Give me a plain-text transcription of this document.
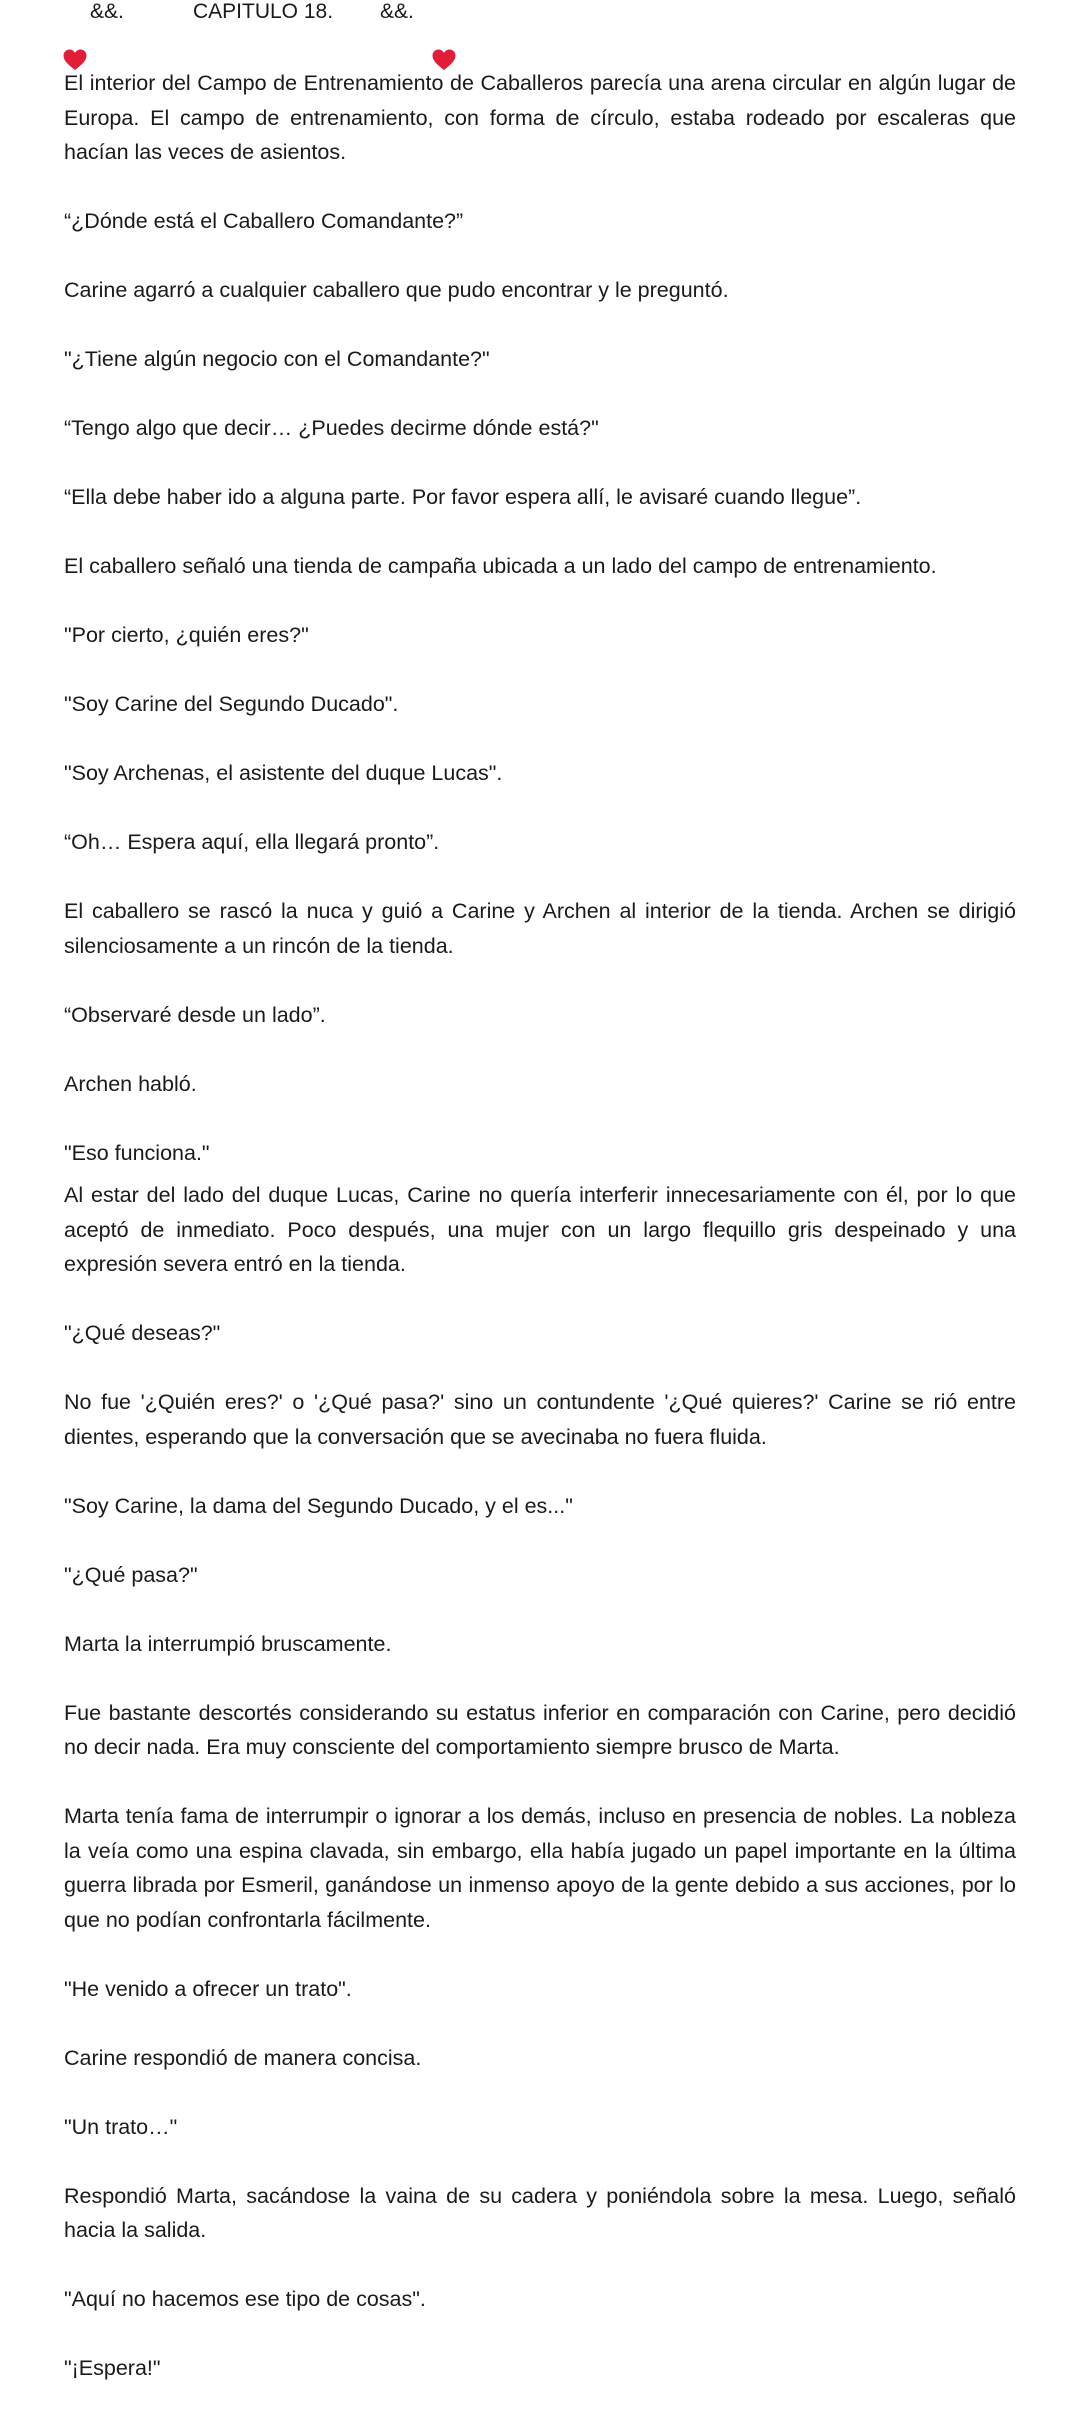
&&.

	CAPITULO 18.

&&.

El interior del Campo de Entrenamiento de Caballeros parecía una arena circular en algún lugar de Europa. El campo de entrenamiento, con forma de círculo, estaba rodeado por escaleras que hacían las veces de asientos.

“¿Dónde está el Caballero Comandante?”

Carine agarró a cualquier caballero que pudo encontrar y le preguntó.

"¿Tiene algún negocio con el Comandante?"

“Tengo algo que decir… ¿Puedes decirme dónde está?"

“Ella debe haber ido a alguna parte. Por favor espera allí, le avisaré cuando llegue”.

El caballero señaló una tienda de campaña ubicada a un lado del campo de entrenamiento.

"Por cierto, ¿quién eres?"

"Soy Carine del Segundo Ducado".

"Soy Archenas, el asistente del duque Lucas".

“Oh… Espera aquí, ella llegará pronto”.

El caballero se rascó la nuca y guió a Carine y Archen al interior de la tienda. Archen se dirigió silenciosamente a un rincón de la tienda.

“Observaré desde un lado”.

Archen habló.

"Eso funciona."

Al estar del lado del duque Lucas, Carine no quería interferir innecesariamente con él, por lo que aceptó de inmediato. Poco después, una mujer con un largo flequillo gris despeinado y una expresión severa entró en la tienda.

"¿Qué deseas?"

No fue '¿Quién eres?' o '¿Qué pasa?' sino un contundente '¿Qué quieres?' Carine se rió entre dientes, esperando que la conversación que se avecinaba no fuera fluida.

"Soy Carine, la dama del Segundo Ducado, y el es..."

"¿Qué pasa?"

Marta la interrumpió bruscamente.

Fue bastante descortés considerando su estatus inferior en comparación con Carine, pero decidió no decir nada. Era muy consciente del comportamiento siempre brusco de Marta.

Marta tenía fama de interrumpir o ignorar a los demás, incluso en presencia de nobles. La nobleza la veía como una espina clavada, sin embargo, ella había jugado un papel importante en la última guerra librada por Esmeril, ganándose un inmenso apoyo de la gente debido a sus acciones, por lo que no podían confrontarla fácilmente.

"He venido a ofrecer un trato".

Carine respondió de manera concisa.

"Un trato…"

Respondió Marta, sacándose la vaina de su cadera y poniéndola sobre la mesa. Luego, señaló hacia la salida.

"Aquí no hacemos ese tipo de cosas".

"¡Espera!"
